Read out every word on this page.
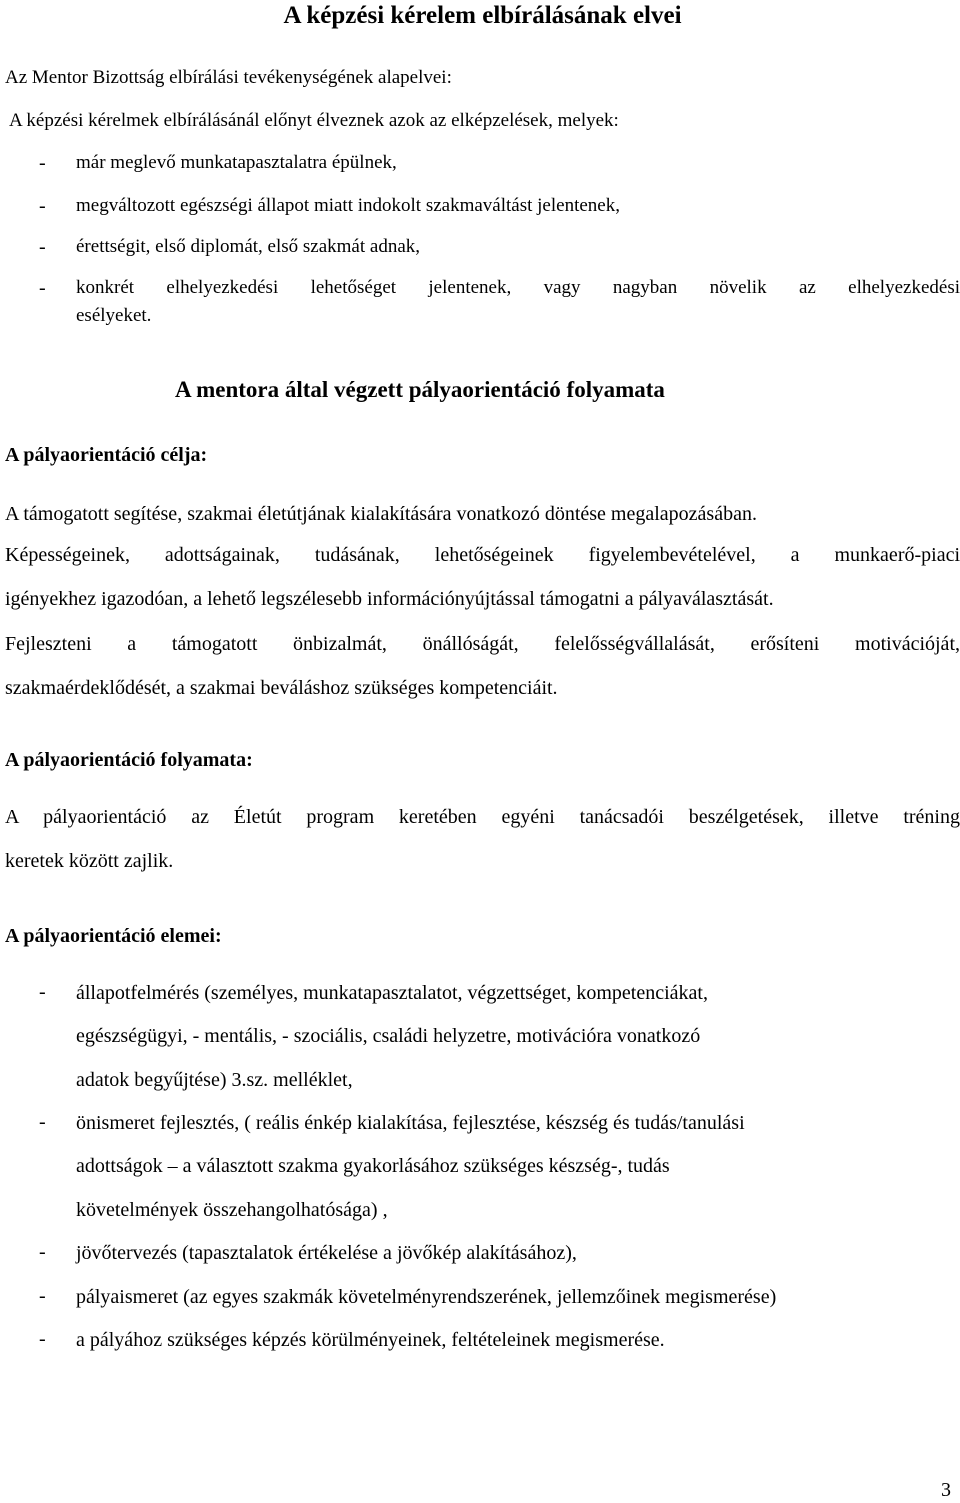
A képzési kérelem elbírálásának elvei
Az Mentor Bizottság elbírálási tevékenységének alapelvei:
A képzési kérelmek elbírálásánál előnyt élveznek azok az elképzelések, melyek:
- már meglevő munkatapasztalatra épülnek,
- megváltozott egészségi állapot miatt indokolt szakmaváltást jelentenek,
- érettségit, első diplomát, első szakmát adnak,
- konkrét elhelyezkedési lehetőséget jelentenek, vagy nagyban növelik az elhelyezkedési
esélyeket.
A mentora által végzett pályaorientáció folyamata
A pályaorientáció célja:
A támogatott segítése, szakmai életútjának kialakítására vonatkozó döntése megalapozásában.
Képességeinek, adottságainak, tudásának, lehetőségeinek figyelembevételével, a munkaerő-piaci
igényekhez igazodóan, a lehető legszélesebb információnyújtással támogatni a pályaválasztását.
Fejleszteni a támogatott önbizalmát, önállóságát, felelősségvállalását, erősíteni motivációját,
szakmaérdeklődését, a szakmai beváláshoz szükséges kompetenciáit.
A pályaorientáció folyamata:
A pályaorientáció az Életút program keretében egyéni tanácsadói beszélgetések, illetve tréning
keretek között zajlik.
A pályaorientáció elemei:
- állapotfelmérés (személyes, munkatapasztalatot, végzettséget, kompetenciákat,
egészségügyi, - mentális, - szociális, családi helyzetre, motivációra vonatkozó
adatok begyűjtése) 3.sz. melléklet,
- önismeret fejlesztés, ( reális énkép kialakítása, fejlesztése, készség és tudás/tanulási
adottságok – a választott szakma gyakorlásához szükséges készség-, tudás
követelmények összehangolhatósága) ,
- jövőtervezés (tapasztalatok értékelése a jövőkép alakításához),
- pályaismeret (az egyes szakmák követelményrendszerének, jellemzőinek megismerése)
- a pályához szükséges képzés körülményeinek, feltételeinek megismerése.
3
